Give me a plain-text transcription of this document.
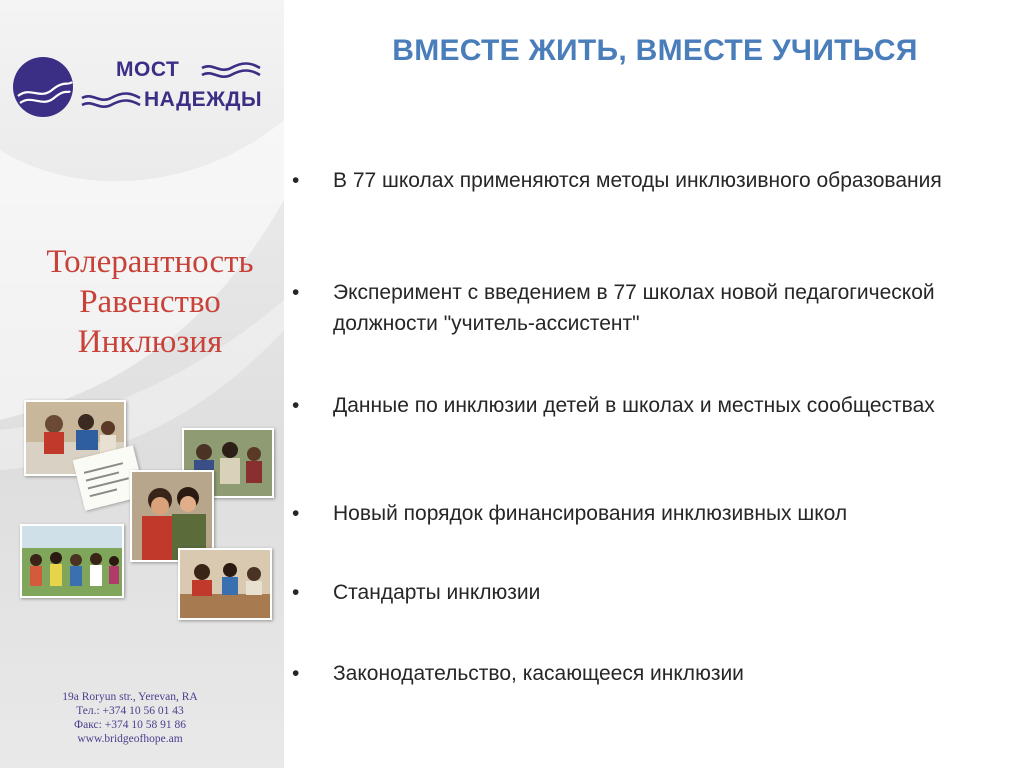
МОСТ
НАДЕЖДЫ
Толерантность
Равенство
Инклюзия
19a Roryun str., Yerevan, RA
Тел.: +374 10 56 01 43
Факс: +374 10 58 91 86
www.bridgeofhope.am
ВМЕСТЕ ЖИТЬ, ВМЕСТЕ УЧИТЬСЯ
• В 77 школах применяются методы инклюзивного образования
• Эксперимент с введением в 77 школах новой педагогической должности "учитель-ассистент"
• Данные по инклюзии детей в школах и местных сообществах
• Новый порядок финансирования инклюзивных школ
• Стандарты инклюзии
• Законодательство, касающееся инклюзии
